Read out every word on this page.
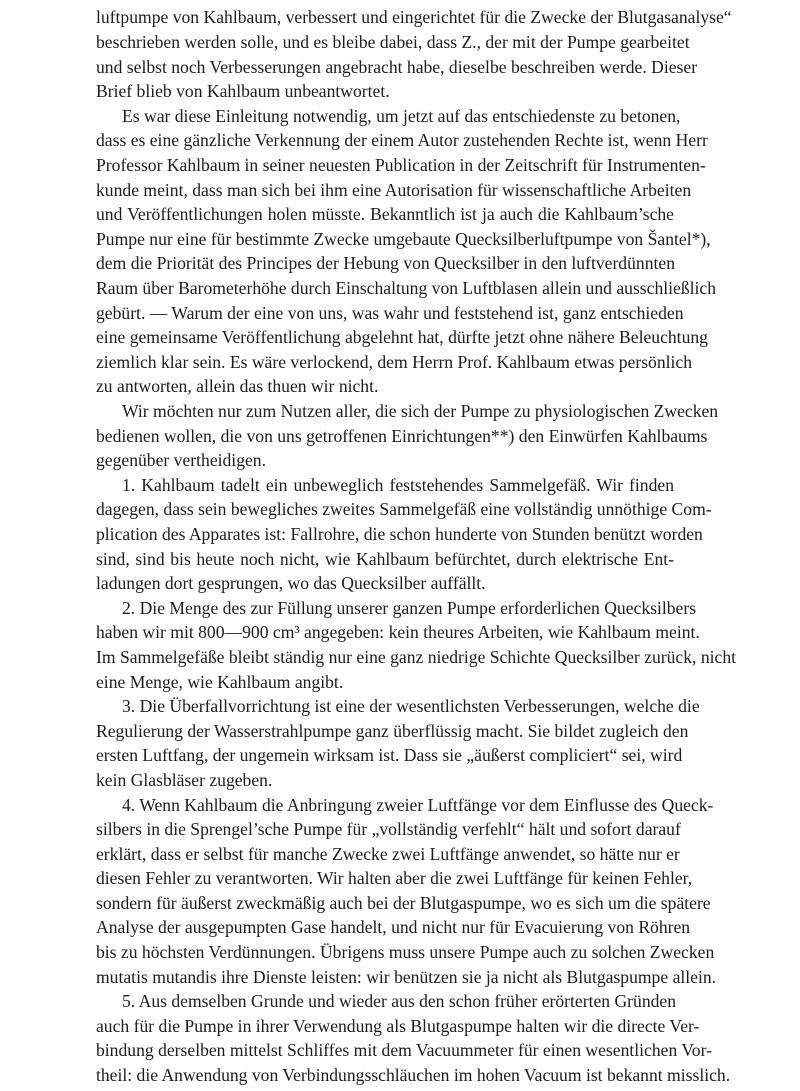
luftpumpe von Kahlbaum, verbessert und eingerichtet für die Zwecke der Blutgasanalyse“

beschrieben werden solle, und es bleibe dabei, dass Z., der mit der Pumpe gearbeitet

und selbst noch Verbesserungen angebracht habe, dieselbe beschreiben werde. Dieser

Brief blieb von Kahlbaum unbeantwortet.

Es war diese Einleitung notwendig, um jetzt auf das entschiedenste zu betonen,

dass es eine gänzliche Verkennung der einem Autor zustehenden Rechte ist, wenn Herr

Professor Kahlbaum in seiner neuesten Publication in der Zeitschrift für Instrumenten-

kunde meint, dass man sich bei ihm eine Autorisation für wissenschaftliche Arbeiten

und Veröffentlichungen holen müsste. Bekanntlich ist ja auch die Kahlbaum’sche

Pumpe nur eine für bestimmte Zwecke umgebaute Quecksilberluftpumpe von Šantel*),

dem die Priorität des Principes der Hebung von Quecksilber in den luftverdünnten

Raum über Barometerhöhe durch Einschaltung von Luftblasen allein und ausschließlich

gebürt. — Warum der eine von uns, was wahr und feststehend ist, ganz entschieden

eine gemeinsame Veröffentlichung abgelehnt hat, dürfte jetzt ohne nähere Beleuchtung

ziemlich klar sein. Es wäre verlockend, dem Herrn Prof. Kahlbaum etwas persönlich

zu antworten, allein das thuen wir nicht.

Wir möchten nur zum Nutzen aller, die sich der Pumpe zu physiologischen Zwecken

bedienen wollen, die von uns getroffenen Einrichtungen**) den Einwürfen Kahlbaums

gegenüber vertheidigen.

1. Kahlbaum tadelt ein unbeweglich feststehendes Sammelgefäß. Wir finden

dagegen, dass sein bewegliches zweites Sammelgefäß eine vollständig unnöthige Com-

plication des Apparates ist: Fallrohre, die schon hunderte von Stunden benützt worden

sind, sind bis heute noch nicht, wie Kahlbaum befürchtet, durch elektrische Ent-

ladungen dort gesprungen, wo das Quecksilber auffällt.

2. Die Menge des zur Füllung unserer ganzen Pumpe erforderlichen Quecksilbers

haben wir mit 800—900 cm³ angegeben: kein theures Arbeiten, wie Kahlbaum meint.

Im Sammelgefäße bleibt ständig nur eine ganz niedrige Schichte Quecksilber zurück, nicht

eine Menge, wie Kahlbaum angibt.

3. Die Überfallvorrichtung ist eine der wesentlichsten Verbesserungen, welche die

Regulierung der Wasserstrahlpumpe ganz überflüssig macht. Sie bildet zugleich den

ersten Luftfang, der ungemein wirksam ist. Dass sie „äußerst compliciert“ sei, wird

kein Glasbläser zugeben.

4. Wenn Kahlbaum die Anbringung zweier Luftfänge vor dem Einflusse des Queck-

silbers in die Sprengel’sche Pumpe für „vollständig verfehlt“ hält und sofort darauf

erklärt, dass er selbst für manche Zwecke zwei Luftfänge anwendet, so hätte nur er

diesen Fehler zu verantworten. Wir halten aber die zwei Luftfänge für keinen Fehler,

sondern für äußerst zweckmäßig auch bei der Blutgaspumpe, wo es sich um die spätere

Analyse der ausgepumpten Gase handelt, und nicht nur für Evacuierung von Röhren

bis zu höchsten Verdünnungen. Übrigens muss unsere Pumpe auch zu solchen Zwecken

mutatis mutandis ihre Dienste leisten: wir benützen sie ja nicht als Blutgaspumpe allein.

5. Aus demselben Grunde und wieder aus den schon früher erörterten Gründen

auch für die Pumpe in ihrer Verwendung als Blutgaspumpe halten wir die directe Ver-

bindung derselben mittelst Schliffes mit dem Vacuummeter für einen wesentlichen Vor-

theil: die Anwendung von Verbindungsschläuchen im hohen Vacuum ist bekannt misslich.
